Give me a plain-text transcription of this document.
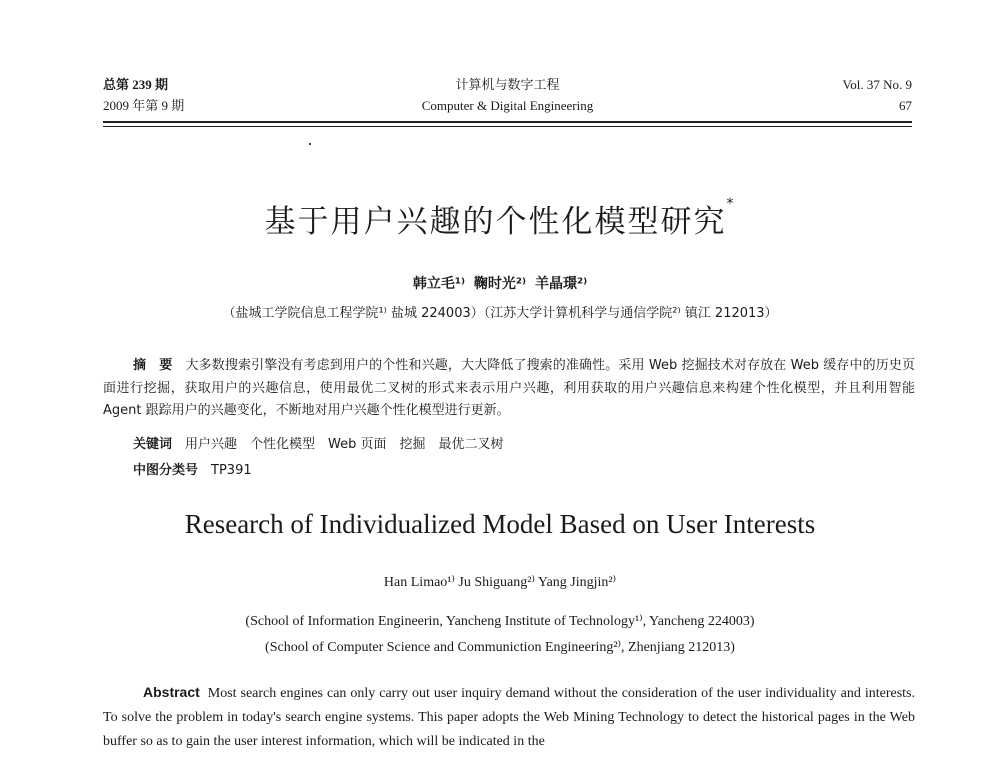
总第 239 期
2009 年第 9 期
计算机与数字工程
Computer & Digital Engineering
Vol. 37 No. 9
67
基于用户兴趣的个性化模型研究*
韩立毛¹⁾ 鞠时光²⁾ 羊晶璟²⁾
（盐城工学院信息工程学院¹⁾ 盐城 224003）（江苏大学计算机科学与通信学院²⁾ 镇江 212013）
摘　要　 大多数搜索引擎没有考虑到用户的个性和兴趣，大大降低了搜索的准确性。采用 Web 挖掘技术对存放在 Web 缓存中的历史页面进行挖掘，获取用户的兴趣信息，使用最优二叉树的形式来表示用户兴趣，利用获取的用户兴趣信息来构建个性化模型，并且利用智能 Agent 跟踪用户的兴趣变化，不断地对用户兴趣个性化模型进行更新。
关键词　 用户兴趣　个性化模型　Web 页面　挖掘　最优二叉树
中图分类号　 TP391
Research of Individualized Model Based on User Interests
Han Limao¹⁾ Ju Shiguang²⁾ Yang Jingjin²⁾
(School of Information Engineerin, Yancheng Institute of Technology¹⁾, Yancheng 224003)
(School of Computer Science and Communiction Engineering²⁾, Zhenjiang 212013)
Abstract Most search engines can only carry out user inquiry demand without the consideration of the user individuality and interests. To solve the problem in today's search engine systems. This paper adopts the Web Mining Technology to detect the historical pages in the Web buffer so as to gain the user interest information, which will be indicated in the
